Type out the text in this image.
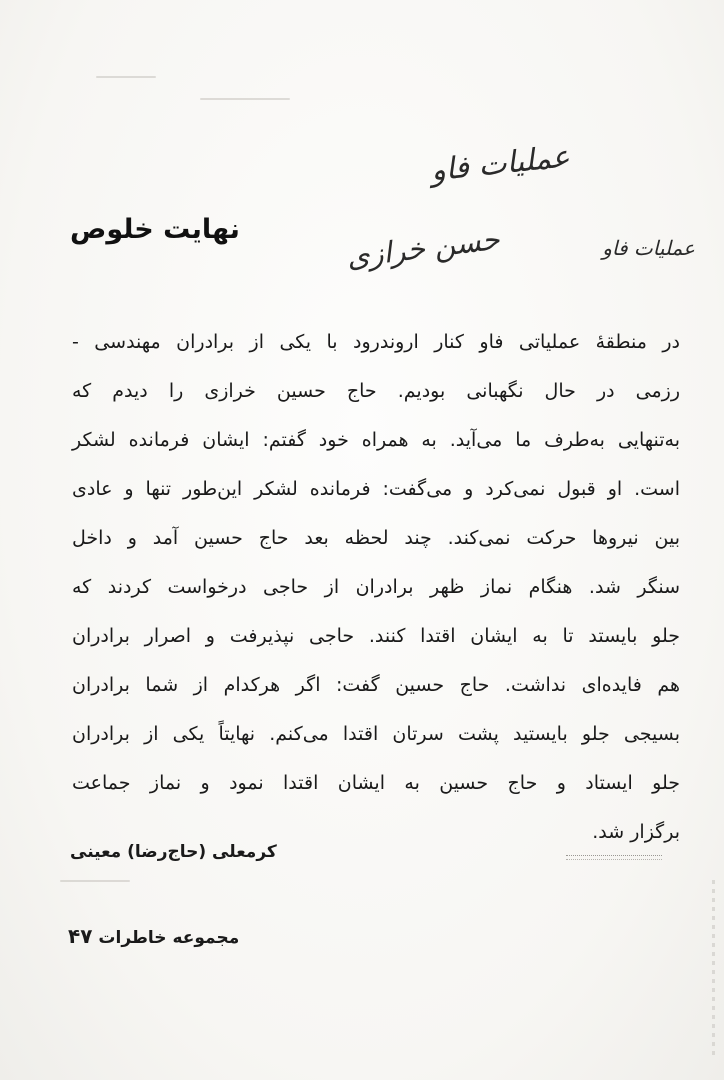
عملیات فاو
عملیات فاو
حسن خرازی
نهایت خلوص
در منطقهٔ عملیاتی فاو کنار اروندرود با یکی از برادران مهندسی -
رزمی در حال نگهبانی بودیم. حاج حسین خرازی را دیدم که
به‌تنهایی به‌طرف ما می‌آید. به همراه خود گفتم: ایشان فرمانده لشکر
است. او قبول نمی‌کرد و می‌گفت: فرمانده لشکر این‌طور تنها و عادی
بین نیروها حرکت نمی‌کند. چند لحظه بعد حاج حسین آمد و داخل
سنگر شد. هنگام نماز ظهر برادران از حاجی درخواست کردند که
جلو بایستد تا به ایشان اقتدا کنند. حاجی نپذیرفت و اصرار برادران
هم فایده‌ای نداشت. حاج حسین گفت: اگر هرکدام از شما برادران
بسیجی جلو بایستید پشت سرتان اقتدا می‌کنم. نهایتاً یکی از برادران
جلو ایستاد و حاج حسین به ایشان اقتدا نمود و نماز جماعت
برگزار شد.
کرمعلی (حاج‌رضا) معینی
مجموعه خاطرات۴۷
